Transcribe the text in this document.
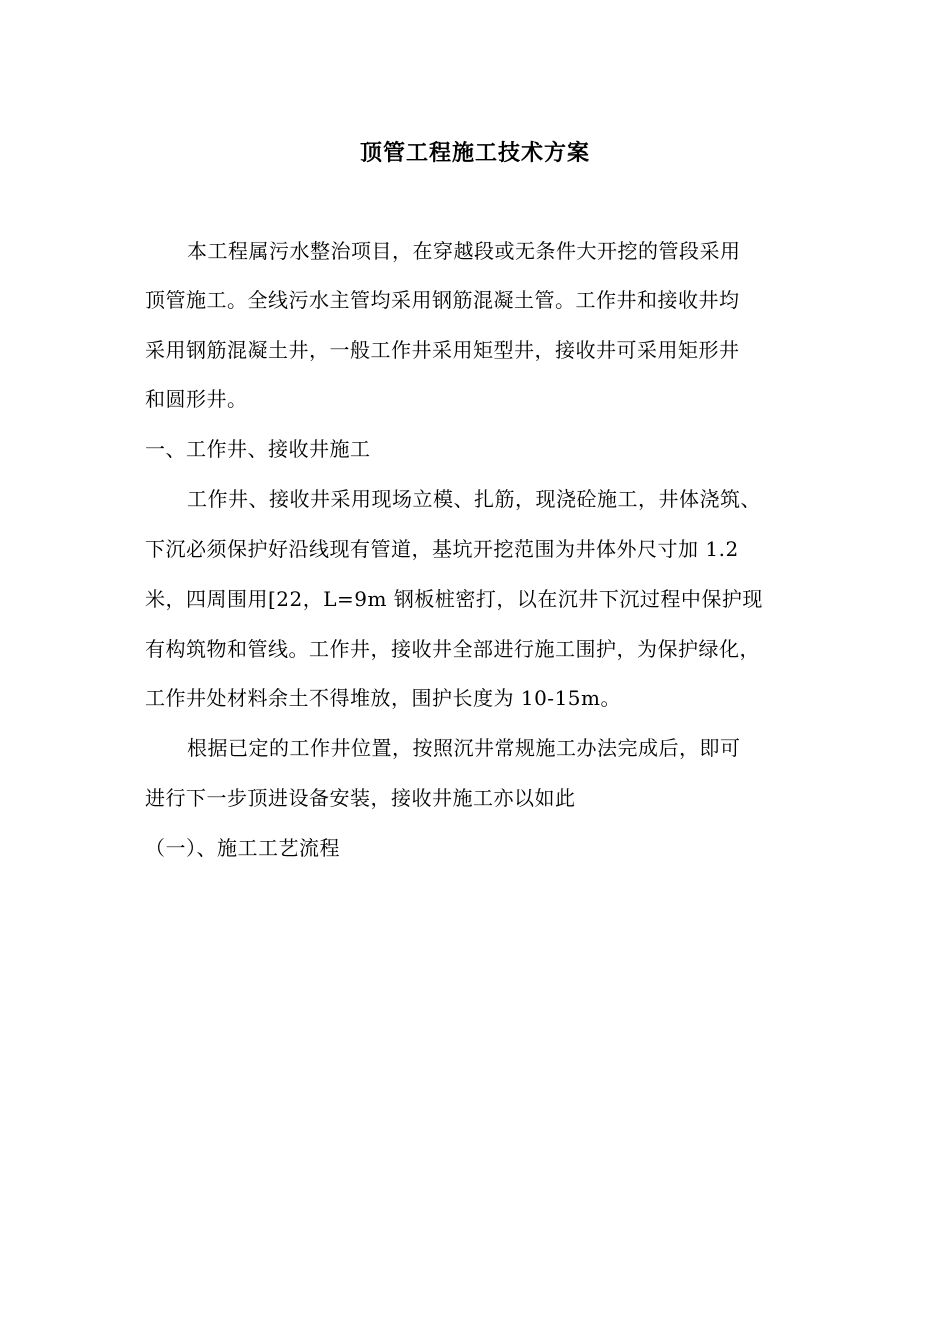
顶管工程施工技术方案
本工程属污水整治项目，在穿越段或无条件大开挖的管段采用
顶管施工。全线污水主管均采用钢筋混凝土管。工作井和接收井均
采用钢筋混凝土井，一般工作井采用矩型井，接收井可采用矩形井
和圆形井。
一、工作井、接收井施工
工作井、接收井采用现场立模、扎筋，现浇砼施工，井体浇筑、
下沉必须保护好沿线现有管道，基坑开挖范围为井体外尺寸加 1.2
米，四周围用[22，L=9m 钢板桩密打，以在沉井下沉过程中保护现
有构筑物和管线。工作井，接收井全部进行施工围护，为保护绿化，
工作井处材料余土不得堆放，围护长度为 10-15m。
根据已定的工作井位置，按照沉井常规施工办法完成后，即可
进行下一步顶进设备安装，接收井施工亦以如此
（一）、施工工艺流程
